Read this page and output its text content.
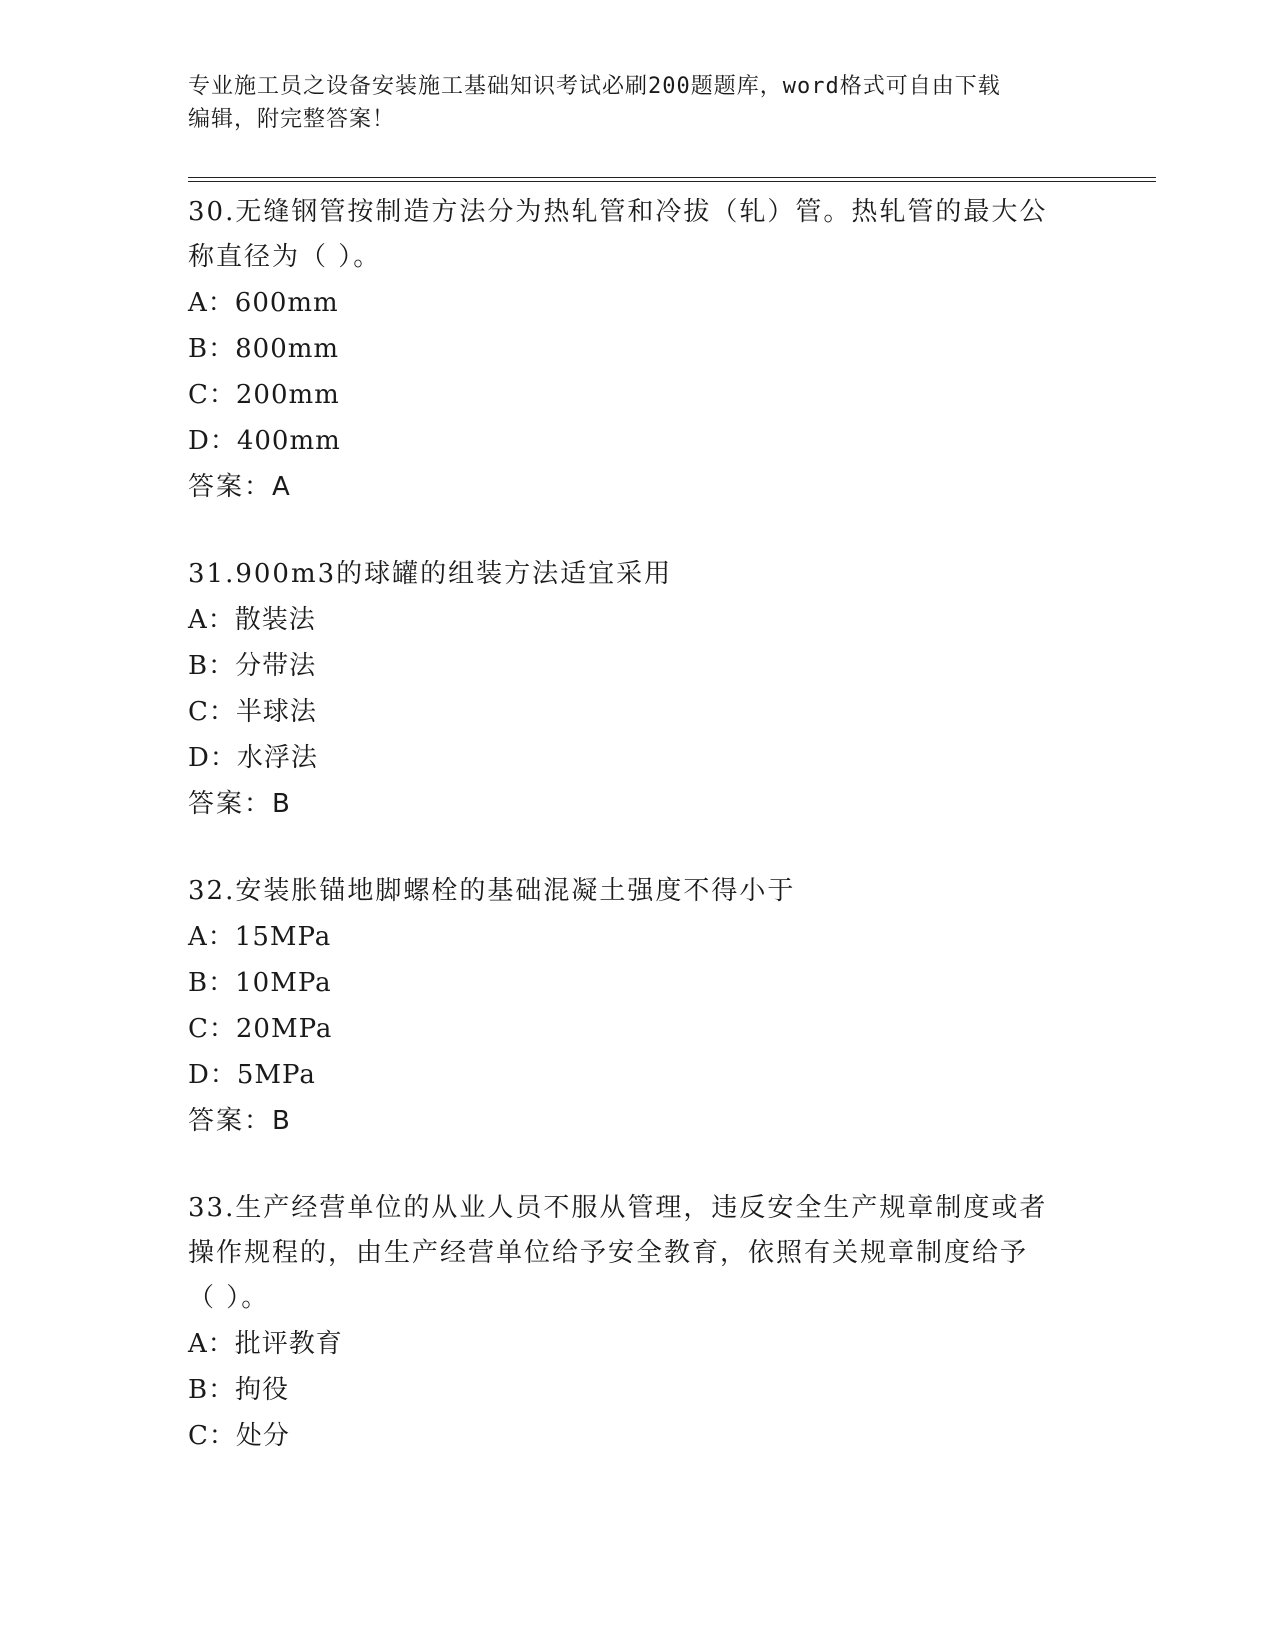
专业施工员之设备安装施工基础知识考试必刷200题题库，word格式可自由下载
编辑，附完整答案！
30.无缝钢管按制造方法分为热轧管和冷拔（轧）管。热轧管的最大公
称直径为（ ）。
A：600mm
B：800mm
C：200mm
D：400mm
答案：A
31.900m3的球罐的组装方法适宜采用
A：散装法
B：分带法
C：半球法
D：水浮法
答案：B
32.安装胀锚地脚螺栓的基础混凝土强度不得小于
A：15MPa
B：10MPa
C：20MPa
D：5MPa
答案：B
33.生产经营单位的从业人员不服从管理，违反安全生产规章制度或者
操作规程的，由生产经营单位给予安全教育，依照有关规章制度给予
（ ）。
A：批评教育
B：拘役
C：处分
